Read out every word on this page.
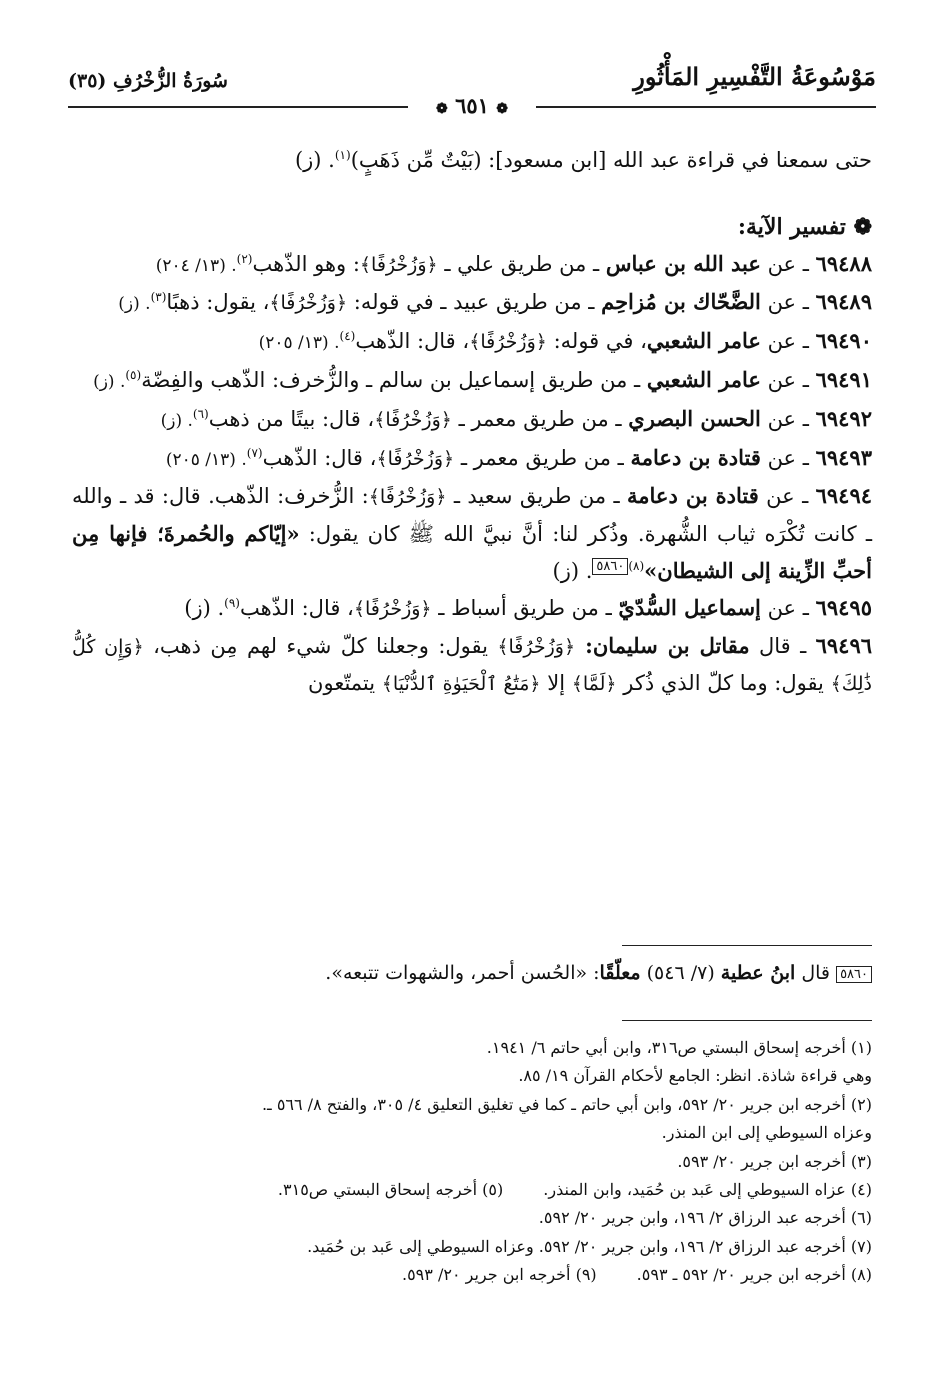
مَوْسُوعَةُ التَّفْسِيرِ المَأْثُورِ
سُورَةُ الزُّخْرُفِ (٣٥)
❁ ٦٥١ ❁

حتى سمعنا في قراءة عبد الله [ابن مسعود]: (بَيْتٌ مِّن ذَهَبٍ)$^{(١)}$. (ز)

❁ تفسير الآية:

٦٩٤٨٨ ـ عن عبد الله بن عباس ـ من طريق علي ـ ﴿وَزُخْرُفًا﴾: وهو الذّهب$^{(٢)}$. (١٣/ ٢٠٤)

٦٩٤٨٩ ـ عن الضَّحّاك بن مُزاحِم ـ من طريق عبيد ـ في قوله: ﴿وَزُخْرُفًا﴾، يقول: ذهبًا$^{(٣)}$. (ز)

٦٩٤٩٠ ـ عن عامر الشعبي، في قوله: ﴿وَزُخْرُفًا﴾، قال: الذّهب$^{(٤)}$. (١٣/ ٢٠٥)

٦٩٤٩١ ـ عن عامر الشعبي ـ من طريق إسماعيل بن سالم ـ والزُّخرف: الذّهب والفِضّة$^{(٥)}$. (ز)

٦٩٤٩٢ ـ عن الحسن البصري ـ من طريق معمر ـ ﴿وَزُخْرُفًا﴾، قال: بيتًا من ذهب$^{(٦)}$. (ز)

٦٩٤٩٣ ـ عن قتادة بن دعامة ـ من طريق معمر ـ ﴿وَزُخْرُفًا﴾، قال: الذّهب$^{(٧)}$. (١٣/ ٢٠٥)

٦٩٤٩٤ ـ عن قتادة بن دعامة ـ من طريق سعيد ـ ﴿وَزُخْرُفًا﴾: الزُّخرف: الذّهب. قال: قد ـ والله ـ كانت تُكْرَه ثياب الشُّهرة. وذُكر لنا: أنَّ نبيَّ الله ﷺ كان يقول: «إيّاكم والحُمرةَ؛ فإنها مِن أحبِّ الزِّينة إلى الشيطان»$^{(٨)}$٥٨٦٠. (ز)

٦٩٤٩٥ ـ عن إسماعيل السُّدّيّ ـ من طريق أسباط ـ ﴿وَزُخْرُفًا﴾، قال: الذّهب$^{(٩)}$. (ز)

٦٩٤٩٦ ـ قال مقاتل بن سليمان: ﴿وَزُخْرُفًا﴾ يقول: وجعلنا كلّ شيء لهم مِن ذهب، ﴿وَإِن كُلُّ ذَٰلِكَ﴾ يقول: وما كلّ الذي ذُكر ﴿لَمَّا﴾ إلا ﴿مَتَٰعُ ٱلْحَيَوٰةِ ٱلدُّنْيَا﴾ يتمتّعون

٥٨٦٠ قال ابنُ عطية (٧/ ٥٤٦) معلّقًا: «الحُسن أحمر، والشهوات تتبعه».

(١) أخرجه إسحاق البستي ص٣١٦، وابن أبي حاتم ٦/ ١٩٤١.

وهي قراءة شاذة. انظر: الجامع لأحكام القرآن ١٩/ ٨٥.

(٢) أخرجه ابن جرير ٢٠/ ٥٩٢، وابن أبي حاتم ـ كما في تغليق التعليق ٤/ ٣٠٥، والفتح ٨/ ٥٦٦ ـ.

وعزاه السيوطي إلى ابن المنذر.

(٣) أخرجه ابن جرير ٢٠/ ٥٩٣.

(٤) عزاه السيوطي إلى عَبد بن حُمَيد، وابن المنذر.(٥) أخرجه إسحاق البستي ص٣١٥.

(٦) أخرجه عبد الرزاق ٢/ ١٩٦، وابن جرير ٢٠/ ٥٩٢.

(٧) أخرجه عبد الرزاق ٢/ ١٩٦، وابن جرير ٢٠/ ٥٩٢. وعزاه السيوطي إلى عَبد بن حُمَيد.

(٨) أخرجه ابن جرير ٢٠/ ٥٩٢ ـ ٥٩٣.(٩) أخرجه ابن جرير ٢٠/ ٥٩٣.
